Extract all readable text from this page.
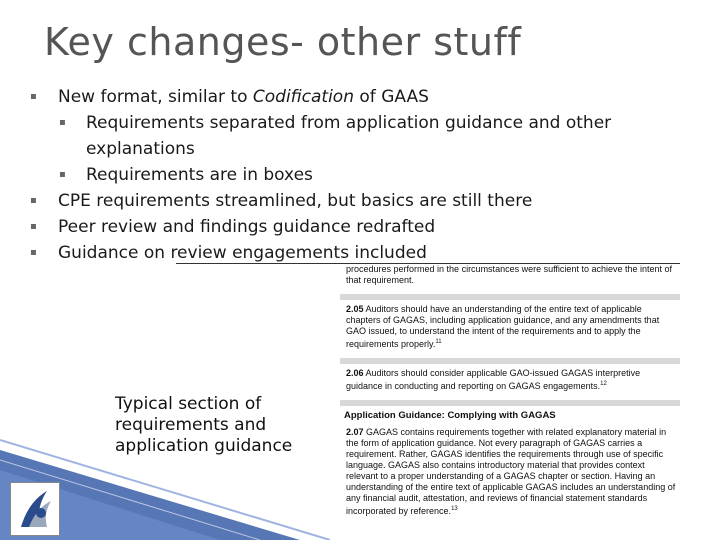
Key changes- other stuff
▪ New format, similar to Codification of GAAS
▪ Requirements separated from application guidance and other explanations
▪ Requirements are in boxes
▪ CPE requirements streamlined, but basics are still there
▪ Peer review and findings guidance redrafted
▪ Guidance on review engagements included

procedures performed in the circumstances were sufficient to achieve the intent of that requirement.

2.05 Auditors should have an understanding of the entire text of applicable chapters of GAGAS, including application guidance, and any amendments that GAO issued, to understand the intent of the requirements and to apply the requirements properly.$^{11}$

2.06 Auditors should consider applicable GAO-issued GAGAS interpretive guidance in conducting and reporting on GAGAS engagements.$^{12}$

Application Guidance: Complying with GAGAS

2.07 GAGAS contains requirements together with related explanatory material in the form of application guidance. Not every paragraph of GAGAS carries a requirement. Rather, GAGAS identifies the requirements through use of specific language. GAGAS also contains introductory material that provides context relevant to a proper understanding of a GAGAS chapter or section. Having an understanding of the entire text of applicable GAGAS includes an understanding of any financial audit, attestation, and reviews of financial statement standards incorporated by reference.$^{13}$

Typical section of requirements and application guidance
